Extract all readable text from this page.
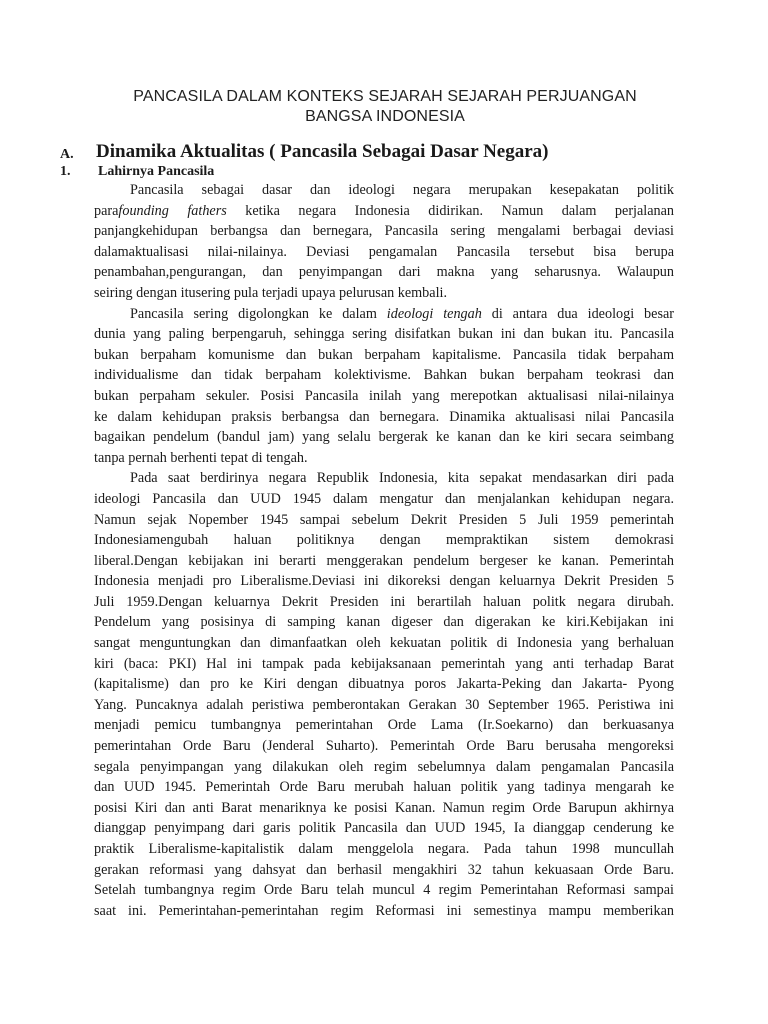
PANCASILA DALAM KONTEKS SEJARAH SEJARAH PERJUANGAN
BANGSA INDONESIA
A. Dinamika Aktualitas ( Pancasila Sebagai Dasar Negara)
1. Lahirnya Pancasila
Pancasila sebagai dasar dan ideologi negara merupakan kesepakatan politik
parafounding fathers ketika negara Indonesia didirikan. Namun dalam perjalanan
panjangkehidupan berbangsa dan bernegara, Pancasila sering mengalami berbagai deviasi
dalamaktualisasi nilai-nilainya. Deviasi pengamalan Pancasila tersebut bisa berupa
penambahan,pengurangan, dan penyimpangan dari makna yang seharusnya. Walaupun
seiring dengan itusering pula terjadi upaya pelurusan kembali.
Pancasila sering digolongkan ke dalam ideologi tengah di antara dua ideologi besar
dunia yang paling berpengaruh, sehingga sering disifatkan bukan ini dan bukan itu. Pancasila
bukan berpaham komunisme dan bukan berpaham kapitalisme. Pancasila tidak berpaham
individualisme dan tidak berpaham kolektivisme. Bahkan bukan berpaham teokrasi dan
bukan perpaham sekuler. Posisi Pancasila inilah yang merepotkan aktualisasi nilai-nilainya
ke dalam kehidupan praksis berbangsa dan bernegara. Dinamika aktualisasi nilai Pancasila
bagaikan pendelum (bandul jam) yang selalu bergerak ke kanan dan ke kiri secara seimbang
tanpa pernah berhenti tepat di tengah.
Pada saat berdirinya negara Republik Indonesia, kita sepakat mendasarkan diri pada
ideologi Pancasila dan UUD 1945 dalam mengatur dan menjalankan kehidupan negara.
Namun sejak Nopember 1945 sampai sebelum Dekrit Presiden 5 Juli 1959 pemerintah
Indonesiamengubah haluan politiknya dengan mempraktikan sistem demokrasi
liberal.Dengan kebijakan ini berarti menggerakan pendelum bergeser ke kanan. Pemerintah
Indonesia menjadi pro Liberalisme.Deviasi ini dikoreksi dengan keluarnya Dekrit Presiden 5
Juli 1959.Dengan keluarnya Dekrit Presiden ini berartilah haluan politk negara dirubah.
Pendelum yang posisinya di samping kanan digeser dan digerakan ke kiri.Kebijakan ini
sangat menguntungkan dan dimanfaatkan oleh kekuatan politik di Indonesia yang berhaluan
kiri (baca: PKI) Hal ini tampak pada kebijaksanaan pemerintah yang anti terhadap Barat
(kapitalisme) dan pro ke Kiri dengan dibuatnya poros Jakarta-Peking dan Jakarta- Pyong
Yang. Puncaknya adalah peristiwa pemberontakan Gerakan 30 September 1965. Peristiwa ini
menjadi pemicu tumbangnya pemerintahan Orde Lama (Ir.Soekarno) dan berkuasanya
pemerintahan Orde Baru (Jenderal Suharto). Pemerintah Orde Baru berusaha mengoreksi
segala penyimpangan yang dilakukan oleh regim sebelumnya dalam pengamalan Pancasila
dan UUD 1945. Pemerintah Orde Baru merubah haluan politik yang tadinya mengarah ke
posisi Kiri dan anti Barat menariknya ke posisi Kanan. Namun regim Orde Barupun akhirnya
dianggap penyimpang dari garis politik Pancasila dan UUD 1945, Ia dianggap cenderung ke
praktik Liberalisme-kapitalistik dalam menggelola negara. Pada tahun 1998 muncullah
gerakan reformasi yang dahsyat dan berhasil mengakhiri 32 tahun kekuasaan Orde Baru.
Setelah tumbangnya regim Orde Baru telah muncul 4 regim Pemerintahan Reformasi sampai
saat ini. Pemerintahan-pemerintahan regim Reformasi ini semestinya mampu memberikan
